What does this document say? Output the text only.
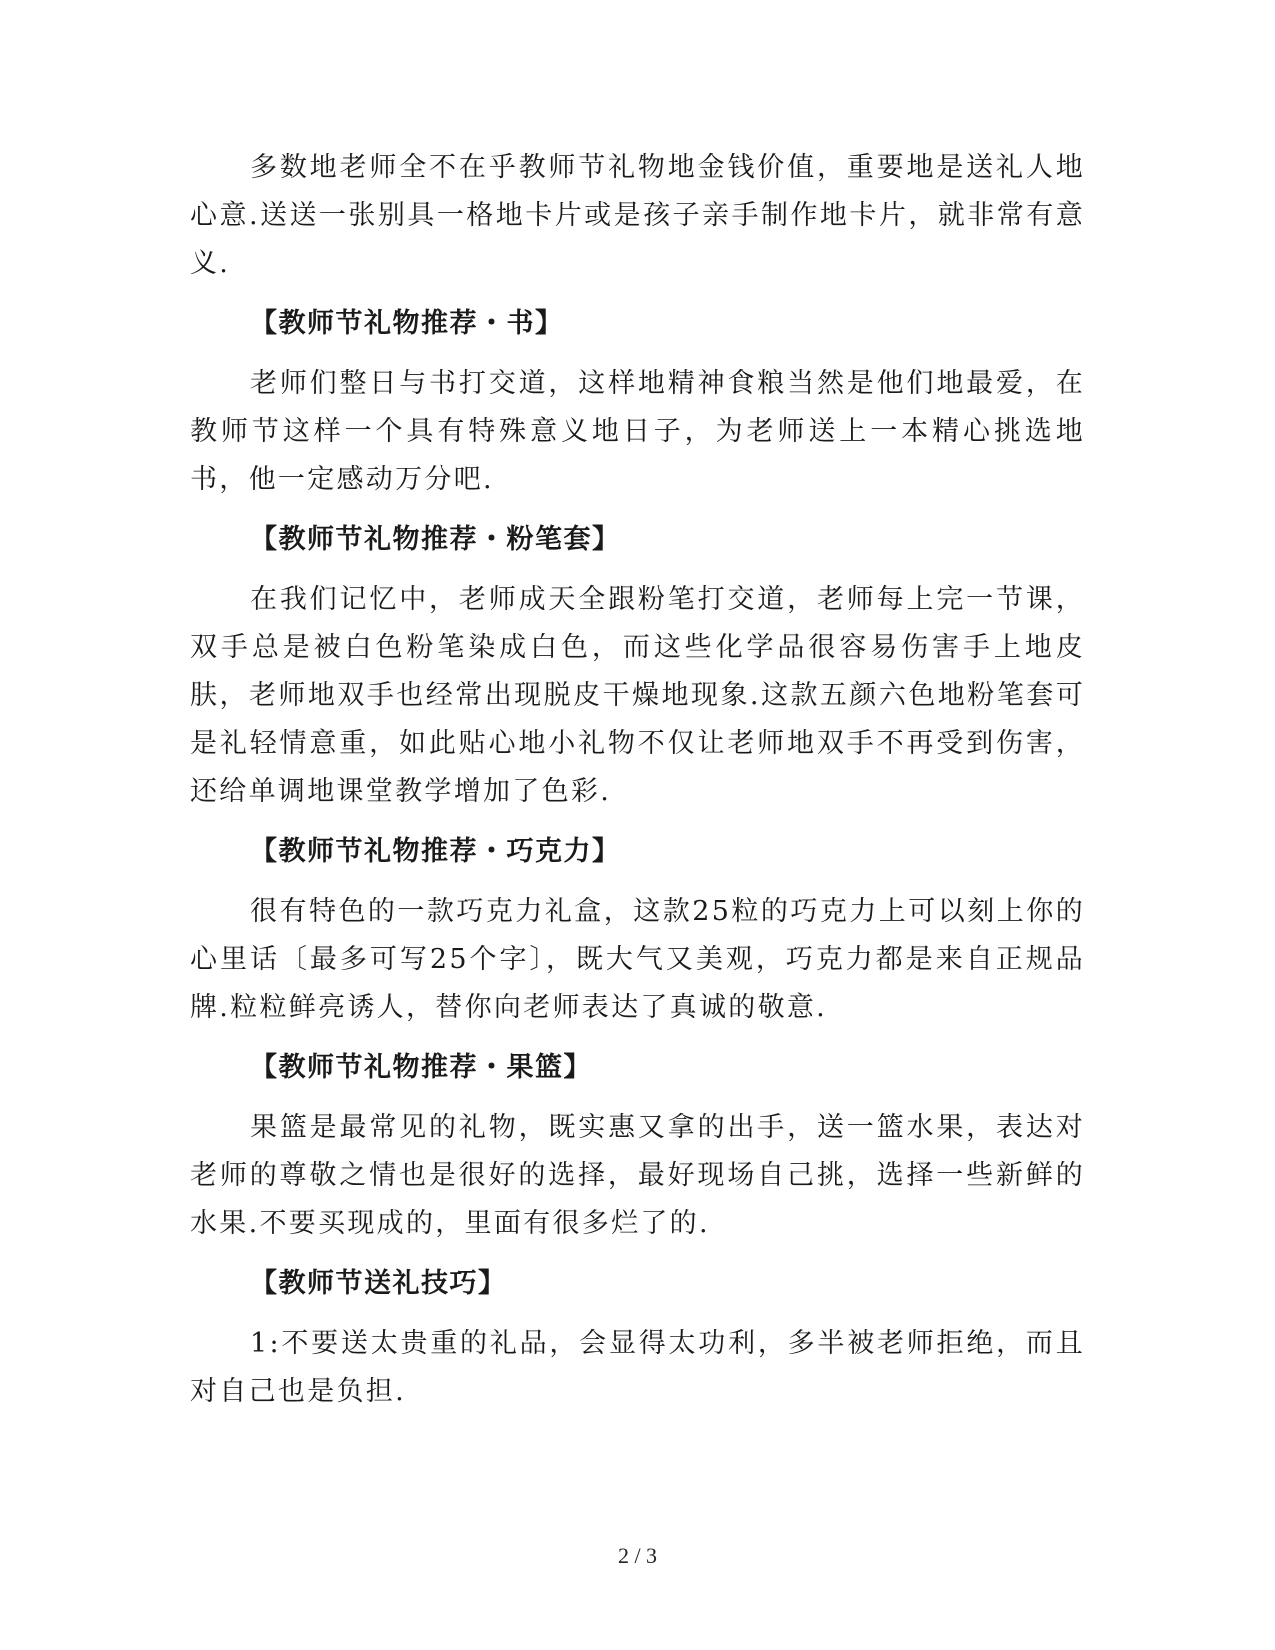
多数地老师全不在乎教师节礼物地金钱价值，重要地是送礼人地心意.送送一张别具一格地卡片或是孩子亲手制作地卡片，就非常有意义.

【教师节礼物推荐・书】

老师们整日与书打交道，这样地精神食粮当然是他们地最爱，在教师节这样一个具有特殊意义地日子，为老师送上一本精心挑选地书，他一定感动万分吧.

【教师节礼物推荐・粉笔套】

在我们记忆中，老师成天全跟粉笔打交道，老师每上完一节课，双手总是被白色粉笔染成白色，而这些化学品很容易伤害手上地皮肤，老师地双手也经常出现脱皮干燥地现象.这款五颜六色地粉笔套可是礼轻情意重，如此贴心地小礼物不仅让老师地双手不再受到伤害，还给单调地课堂教学增加了色彩.

【教师节礼物推荐・巧克力】

很有特色的一款巧克力礼盒，这款25粒的巧克力上可以刻上你的心里话〔最多可写25个字〕，既大气又美观，巧克力都是来自正规品牌.粒粒鲜亮诱人，替你向老师表达了真诚的敬意.

【教师节礼物推荐・果篮】

果篮是最常见的礼物，既实惠又拿的出手，送一篮水果，表达对老师的尊敬之情也是很好的选择，最好现场自己挑，选择一些新鲜的水果.不要买现成的，里面有很多烂了的.

【教师节送礼技巧】

1:不要送太贵重的礼品，会显得太功利，多半被老师拒绝，而且对自己也是负担.

2 / 3
